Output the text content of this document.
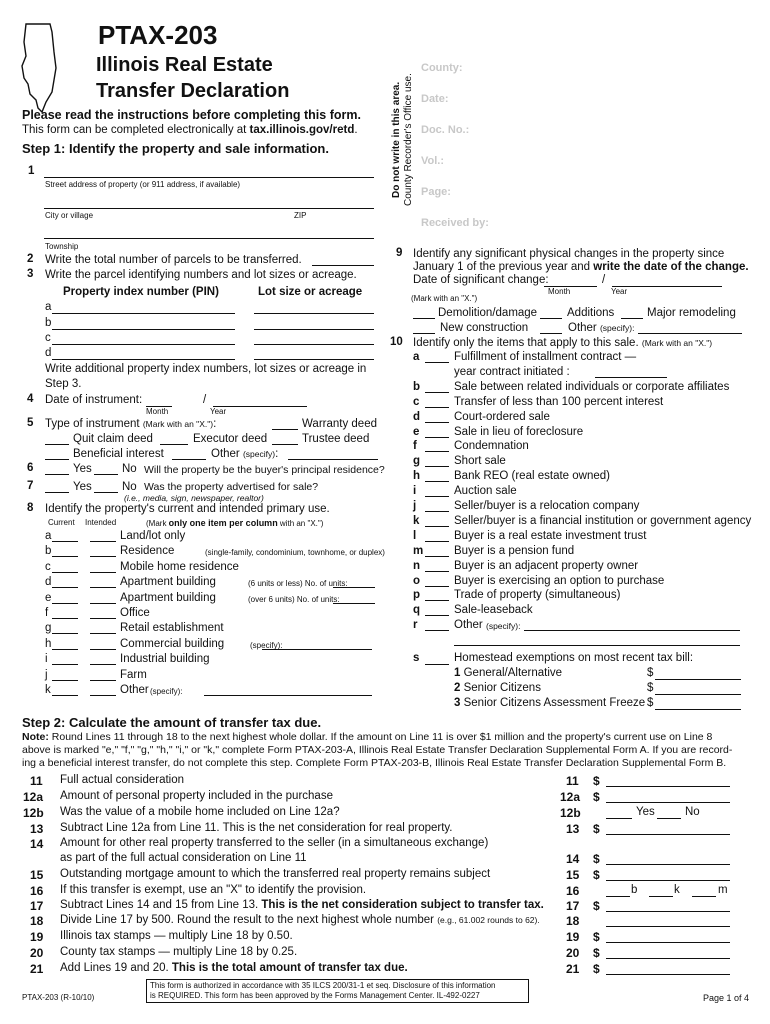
PTAX-203
Illinois Real Estate
Transfer Declaration
Please read the instructions before completing this form.
This form can be completed electronically at tax.illinois.gov/retd.	Do not write in this area. County Recorder's Office use.
County:
Date:
Doc. No.:
Vol.:
Page:
Received by:
Step 1: Identify the property and sale information.
1
Street address of property (or 911 address, if available)
City or village	ZIP
Township
2 Write the total number of parcels to be transferred.
3 Write the parcel identifying numbers and lot sizes or acreage.
Property index number (PIN)	Lot size or acreage
a
b
c
d
Write additional property index numbers, lot sizes or acreage in
Step 3.
4 Date of instrument:	/
Month	Year
5 Type of instrument (Mark with an "X."):	Warranty deed
Quit claim deed	Executor deed	Trustee deed
Beneficial interest	Other (specify):
6	Yes	No Will the property be the buyer's principal residence?
7	Yes	No Was the property advertised for sale?
(i.e., media, sign, newspaper, realtor)
8 Identify the property's current and intended primary use.
Current Intended	(Mark only one item per column with an "X.")
a	Land/lot only
b	Residence	(single-family, condominium, townhome, or duplex)
c	Mobile home residence
d	Apartment building	(6 units or less) No. of units:
e	Apartment building	(over 6 units) No. of units:
f	Office
g	Retail establishment
h	Commercial building	(specify):
i	Industrial building
j	Farm
k	Other (specify):
9 Identify any significant physical changes in the property since
January 1 of the previous year and write the date of the change.
Date of significant change:	/
Month	Year
(Mark with an "X.")
Demolition/damage	Additions	Major remodeling
New construction	Other (specify):
10 Identify only the items that apply to this sale. (Mark with an "X.")
a	Fulfillment of installment contract —
year contract initiated :
b	Sale between related individuals or corporate affiliates
c	Transfer of less than 100 percent interest
d	Court-ordered sale
e	Sale in lieu of foreclosure
f	Condemnation
g	Short sale
h	Bank REO (real estate owned)
i	Auction sale
j	Seller/buyer is a relocation company
k	Seller/buyer is a financial institution or government agency
l	Buyer is a real estate investment trust
m	Buyer is a pension fund
n	Buyer is an adjacent property owner
o	Buyer is exercising an option to purchase
p	Trade of property (simultaneous)
q	Sale-leaseback
r	Other (specify):
s	Homestead exemptions on most recent tax bill:
1 General/Alternative	$
2 Senior Citizens	$
3 Senior Citizens Assessment Freeze $
Step 2: Calculate the amount of transfer tax due.
Note: Round Lines 11 through 18 to the next highest whole dollar. If the amount on Line 11 is over $1 million and the property's current use on Line 8
above is marked "e," "f," "g," "h," "i," or "k," complete Form PTAX-203-A, Illinois Real Estate Transfer Declaration Supplemental Form A. If you are record-
ing a beneficial interest transfer, do not complete this step. Complete Form PTAX-203-B, Illinois Real Estate Transfer Declaration Supplemental Form B.
11 Full actual consideration	11 $
12a Amount of personal property included in the purchase	12a $
12b Was the value of a mobile home included on Line 12a?	12b	Yes	No
13 Subtract Line 12a from Line 11. This is the net consideration for real property.	13 $
14 Amount for other real property transferred to the seller (in a simultaneous exchange)
as part of the full actual consideration on Line 11	14 $
15 Outstanding mortgage amount to which the transferred real property remains subject	15 $
16 If this transfer is exempt, use an "X" to identify the provision.	16	b	k	m
17 Subtract Lines 14 and 15 from Line 13. This is the net consideration subject to transfer tax. 17 $
18 Divide Line 17 by 500. Round the result to the next highest whole number (e.g., 61.002 rounds to 62). 18
19 Illinois tax stamps — multiply Line 18 by 0.50.	19 $
20 County tax stamps — multiply Line 18 by 0.25.	20 $
21 Add Lines 19 and 20. This is the total amount of transfer tax due.	21 $
PTAX-203 (R-10/10)
This form is authorized in accordance with 35 ILCS 200/31-1 et seq. Disclosure of this information
is REQUIRED. This form has been approved by the Forms Management Center. IL-492-0227	Page 1 of 4
